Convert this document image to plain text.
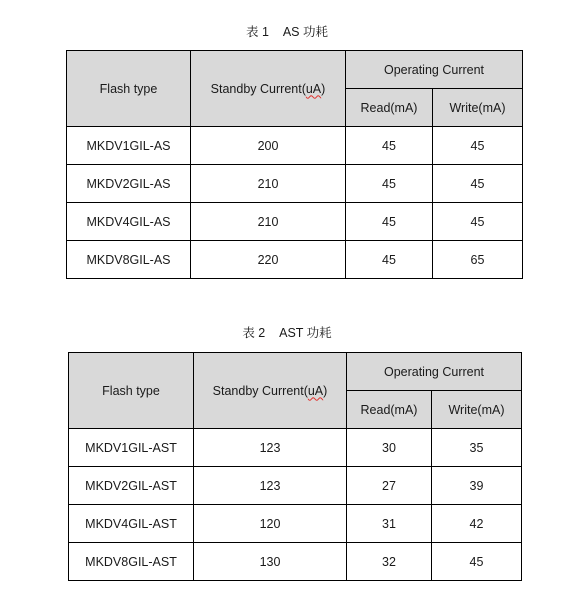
表 1    AS 功耗
Flash type	Standby Current(uA)	Operating Current	
		Read(mA)	Write(mA)
MKDV1GIL-AS	200	45	45
MKDV2GIL-AS	210	45	45
MKDV4GIL-AS	210	45	45
MKDV8GIL-AS	220	45	65
表 2    AST 功耗
Flash type	Standby Current(uA)	Operating Current	
		Read(mA)	Write(mA)
MKDV1GIL-AST	123	30	35
MKDV2GIL-AST	123	27	39
MKDV4GIL-AST	120	31	42
MKDV8GIL-AST	130	32	45
